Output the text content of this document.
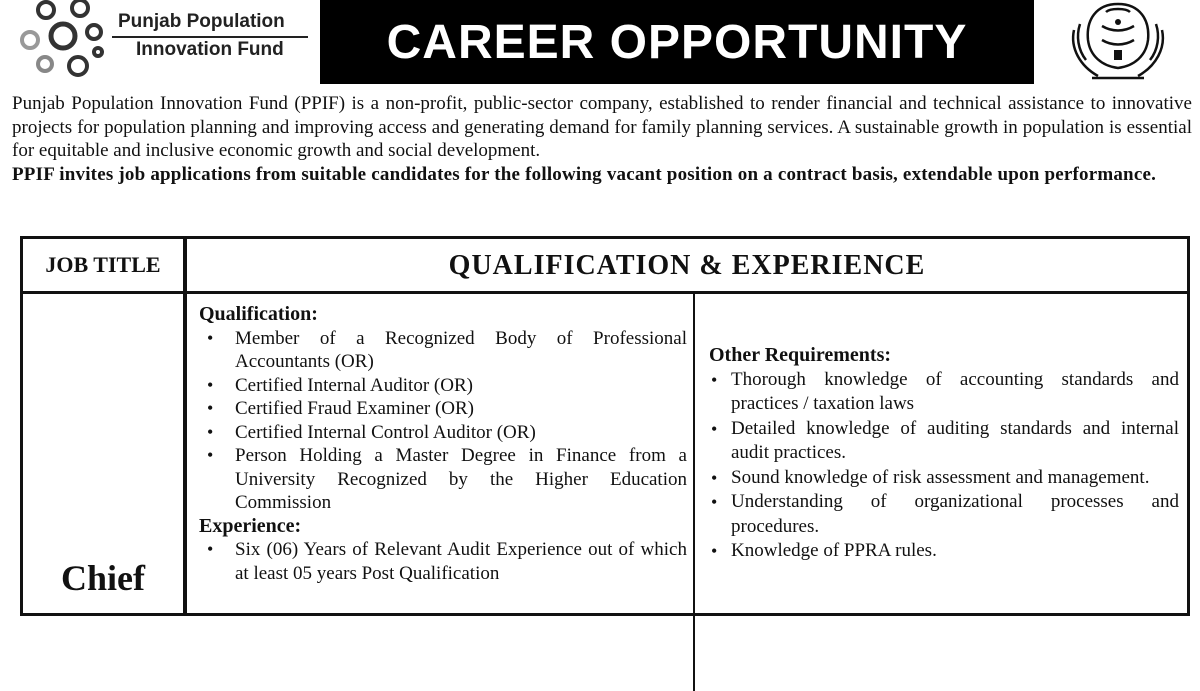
Punjab Population
Innovation Fund	CAREER OPPORTUNITY

Punjab Population Innovation Fund (PPIF) is a non-profit, public-sector company, established to render financial and technical assistance to innovative projects for population planning and improving access and generating demand for family planning services. A sustainable growth in population is essential for equitable and inclusive economic growth and social development.

PPIF invites job applications from suitable candidates for the following vacant position on a contract basis, extendable upon performance.

JOB TITLE	QUALIFICATION & EXPERIENCE
Chief

Qualification:

• Member of a Recognized Body of Professional Accountants (OR)
• Certified Internal Auditor (OR)
• Certified Fraud Examiner (OR)
• Certified Internal Control Auditor (OR)
• Person Holding a Master Degree in Finance from a University Recognized by the Higher Education Commission

Experience:

• Six (06) Years of Relevant Audit Experience out of which at least 05 years Post Qualification

Other Requirements:

• Thorough knowledge of accounting standards and practices / taxation laws
• Detailed knowledge of auditing standards and internal audit practices.
• Sound knowledge of risk assessment and management.
• Understanding of organizational processes and procedures.
• Knowledge of PPRA rules.
